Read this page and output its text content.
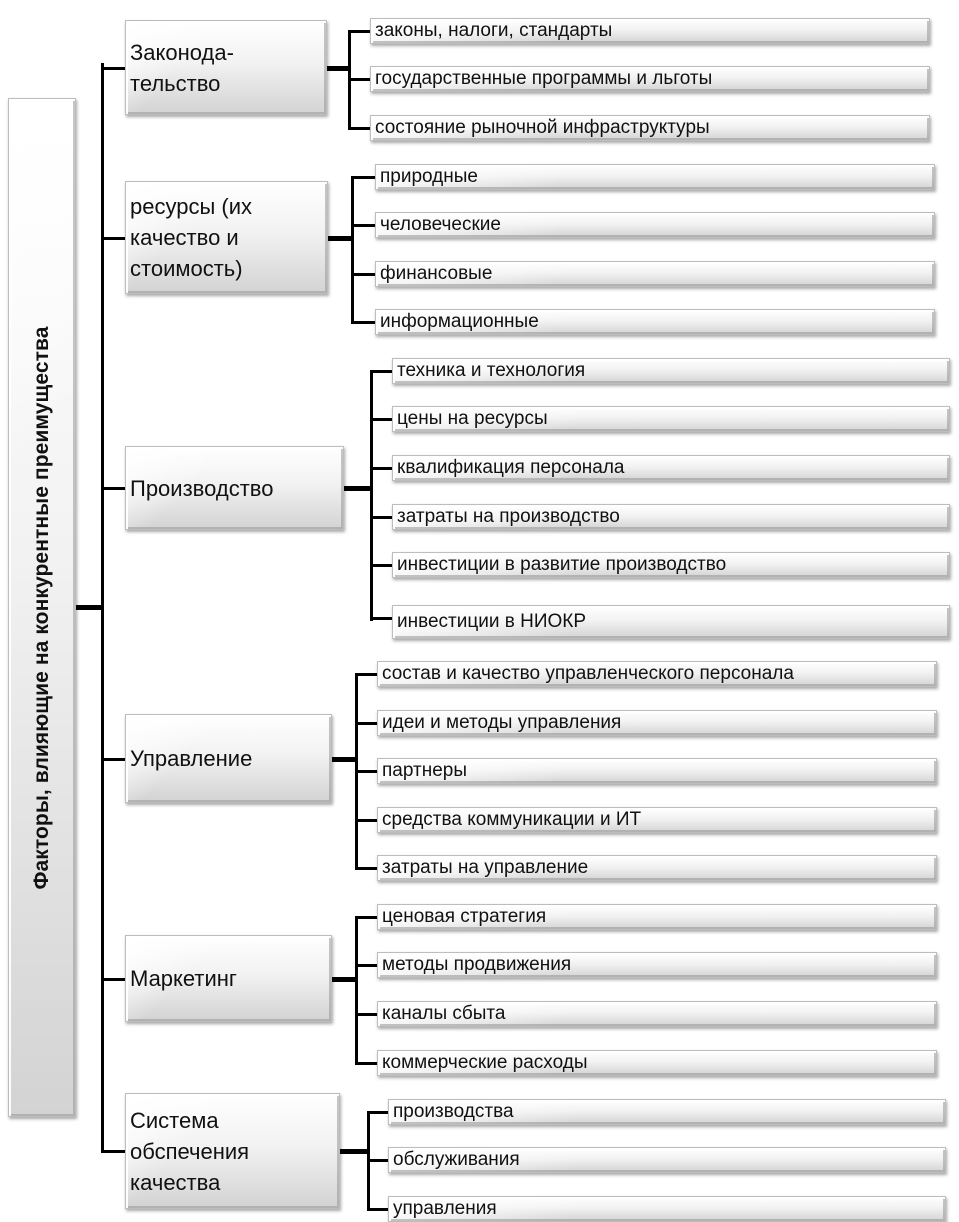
Факторы, влияющие на конкурентные преимущества
Законода-
тельство
законы, налоги, стандарты
государственные программы и льготы
состояние рыночной инфраструктуры
ресурсы (их
качество и
стоимость)
природные
человеческие
финансовые
информационные
Производство
техника и технология
цены на ресурсы
квалификация персонала
затраты на производство
инвестиции в развитие производство
инвестиции в НИОКР
Управление
состав и качество управленческого персонала
идеи и методы управления
партнеры
средства коммуникации и ИТ
затраты на управление
Маркетинг
ценовая стратегия
методы продвижения
каналы сбыта
коммерческие расходы
Система
обспечения
качества
производства
обслуживания
управления
